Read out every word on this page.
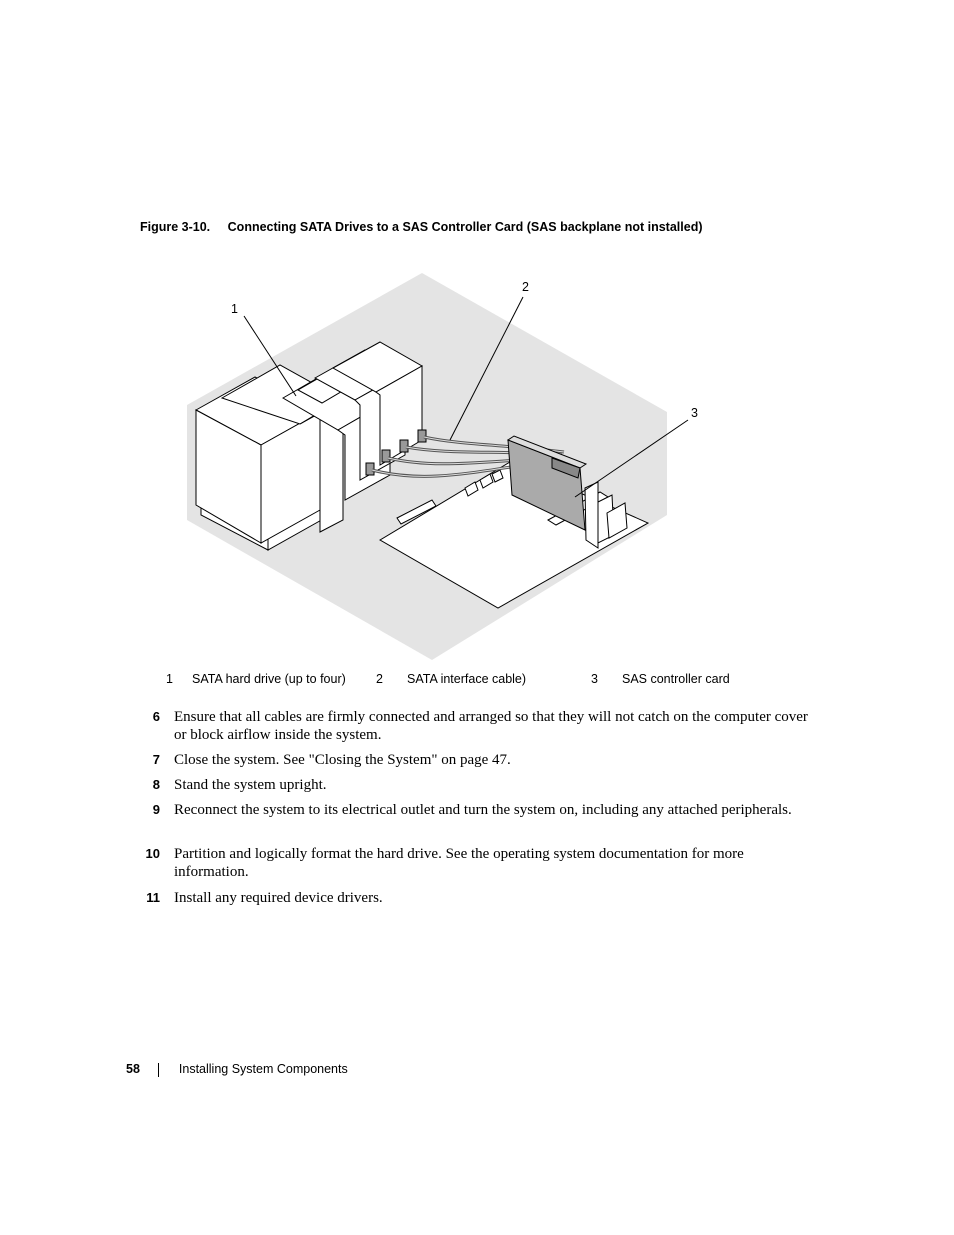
Figure 3-10. Connecting SATA Drives to a SAS Controller Card (SAS backplane not installed)
1
2
3
1 SATA hard drive (up to four) 2 SATA interface cable)	3 SAS controller card
6 Ensure that all cables are firmly connected and arranged so that they will not catch on the computer cover or block airflow inside the system.
7 Close the system. See "Closing the System" on page 47.
8 Stand the system upright.
9 Reconnect the system to its electrical outlet and turn the system on, including any attached peripherals.
10 Partition and logically format the hard drive. See the operating system documentation for more information.
11 Install any required device drivers.
58	Installing System Components
